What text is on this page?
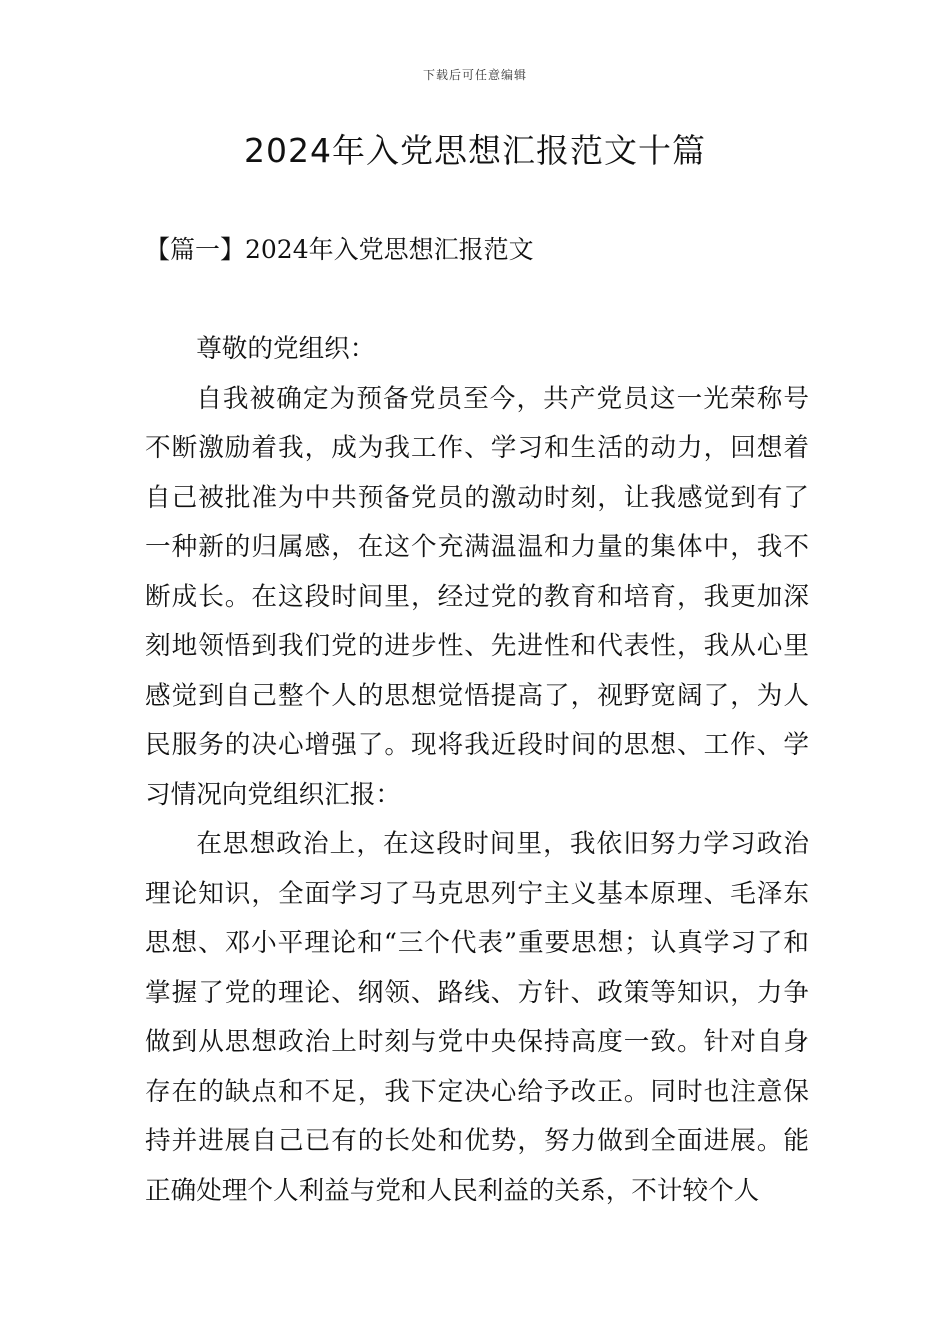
下载后可任意编辑
2024年入党思想汇报范文十篇
【篇一】2024年入党思想汇报范文

尊敬的党组织：

自我被确定为预备党员至今，共产党员这一光荣称号不断激励着我，成为我工作、学习和生活的动力，回想着自己被批准为中共预备党员的激动时刻，让我感觉到有了一种新的归属感，在这个充满温温和力量的集体中，我不断成长。在这段时间里，经过党的教育和培育，我更加深刻地领悟到我们党的进步性、先进性和代表性，我从心里感觉到自己整个人的思想觉悟提高了，视野宽阔了，为人民服务的决心增强了。现将我近段时间的思想、工作、学习情况向党组织汇报：

在思想政治上，在这段时间里，我依旧努力学习政治理论知识，全面学习了马克思列宁主义基本原理、毛泽东思想、邓小平理论和“三个代表”重要思想；认真学习了和掌握了党的理论、纲领、路线、方针、政策等知识，力争做到从思想政治上时刻与党中央保持高度一致。针对自身存在的缺点和不足，我下定决心给予改正。同时也注意保持并进展自己已有的长处和优势，努力做到全面进展。能正确处理个人利益与党和人民利益的关系，不计较个人
